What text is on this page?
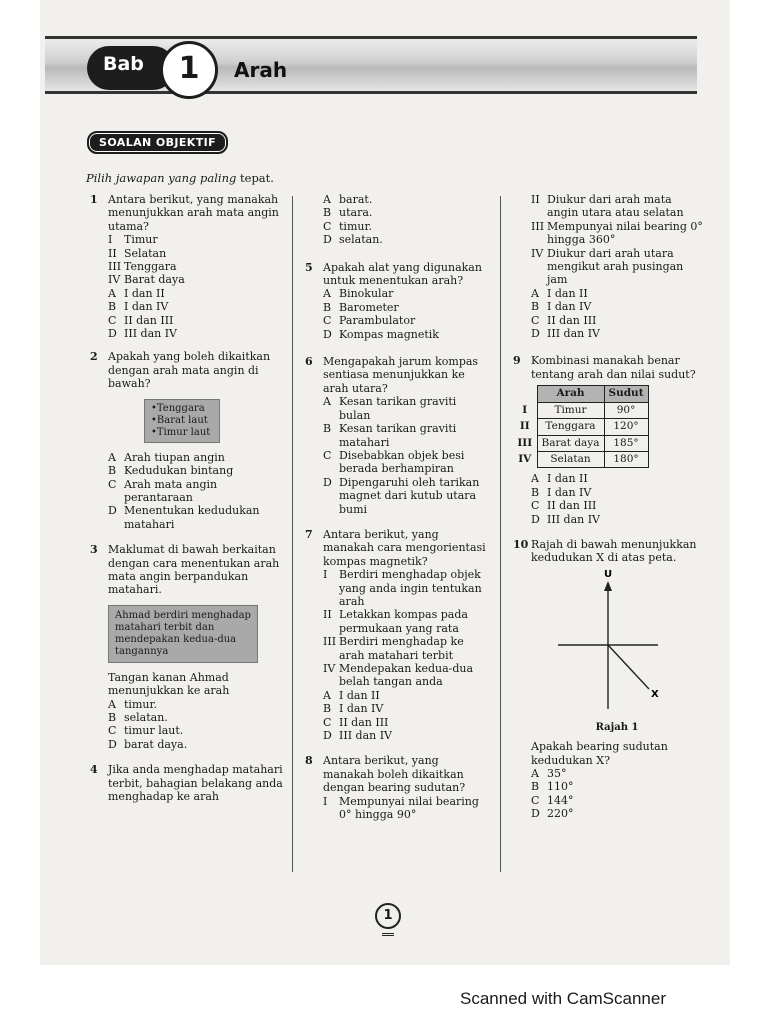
Bab	1	Arah
SOALAN OBJEKTIF
Pilih jawapan yang paling tepat.
1 Antara berikut, yang manakah menunjukkan arah mata angin utama?
I	Timur
II Selatan
III Tenggara
IV Barat daya
A I dan II
B I dan IV
C II dan III
D III dan IV
2 Apakah yang boleh dikaitkan dengan arah mata angin di bawah?
• Tenggara
• Barat laut
• Timur laut
A Arah tiupan angin
B Kedudukan bintang
C Arah mata angin perantaraan
D Menentukan kedudukan matahari
3 Maklumat di bawah berkaitan dengan cara menentukan arah mata angin berpandukan matahari.
Ahmad berdiri menghadap matahari terbit dan mendepakan kedua-dua tangannya
Tangan kanan Ahmad menunjukkan ke arah
A timur.
B selatan.
C timur laut.
D barat daya.
4 Jika anda menghadap matahari terbit, bahagian belakang anda menghadap ke arah
A barat.
B utara.
C timur.
D selatan.
5 Apakah alat yang digunakan untuk menentukan arah?
A Binokular
B Barometer
C Parambulator
D Kompas magnetik
6 Mengapakah jarum kompas sentiasa menunjukkan ke arah utara?
A Kesan tarikan graviti bulan
B Kesan tarikan graviti matahari
C Disebabkan objek besi berada berhampiran
D Dipengaruhi oleh tarikan magnet dari kutub utara bumi
7 Antara berikut, yang manakah cara mengorientasi kompas magnetik?
I	Berdiri menghadap objek yang anda ingin tentukan arah
II Letakkan kompas pada permukaan yang rata
III Berdiri menghadap ke arah matahari terbit
IV Mendepakan kedua-dua belah tangan anda
A I dan II
B I dan IV
C II dan III
D III dan IV
8 Antara berikut, yang manakah boleh dikaitkan dengan bearing sudutan?
I	Mempunyai nilai bearing 0° hingga 90°
II Diukur dari arah mata angin utara atau selatan
III Mempunyai nilai bearing 0° hingga 360°
IV Diukur dari arah utara mengikut arah pusingan jam
A I dan II
B I dan IV
C II dan III
D III dan IV
9 Kombinasi manakah benar tentang arah dan nilai sudut?
	Arah	Sudut
I	Timur	90°
II	Tenggara	120°
III	Barat daya	185°
IV	Selatan	180°
A I dan II
B I dan IV
C II dan III
D III dan IV
10 Rajah di bawah menunjukkan kedudukan X di atas peta.
U
X
Rajah 1
Apakah bearing sudutan kedudukan X?
A 35°
B 110°
C 144°
D 220°
1
Scanned with CamScanner
